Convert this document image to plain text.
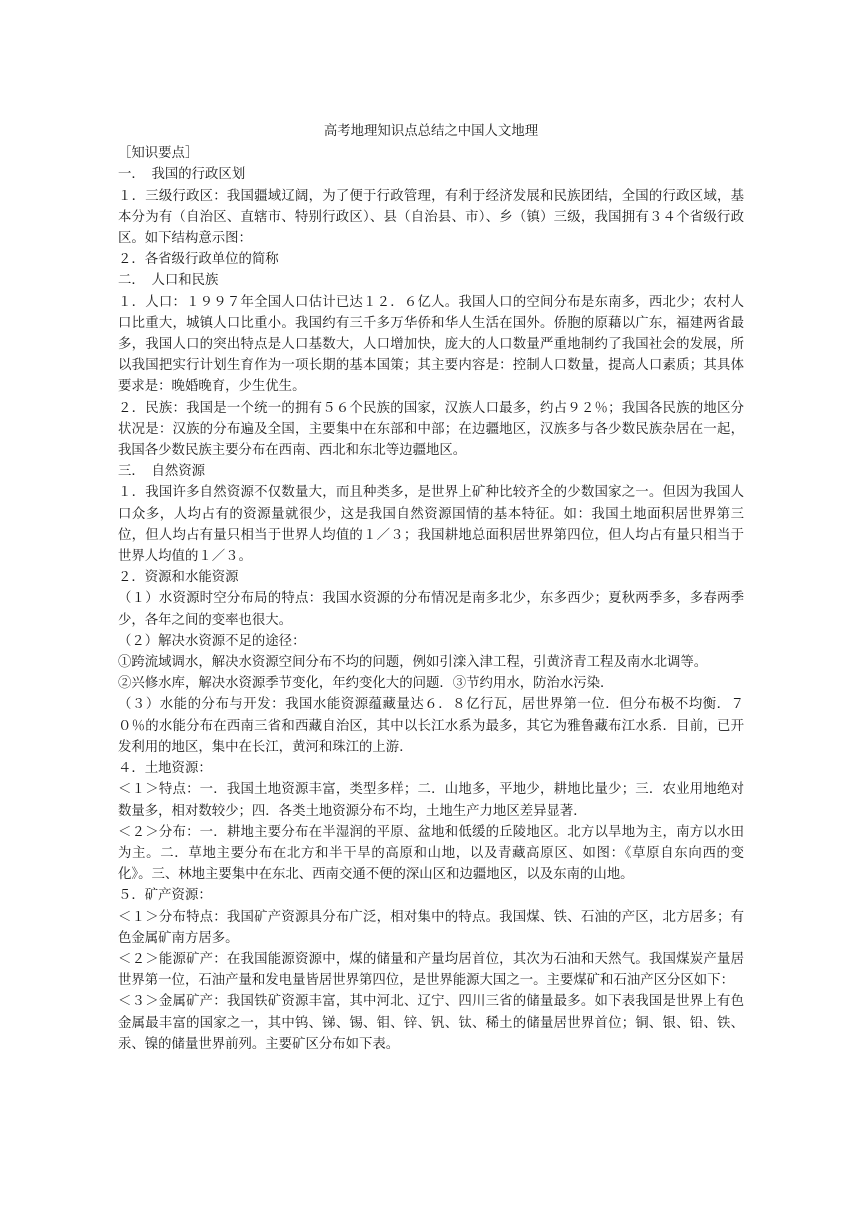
高考地理知识点总结之中国人文地理

［知识要点］

一．　我国的行政区划

１．三级行政区：我国疆域辽阔，为了便于行政管理，有利于经济发展和民族团结，全国的行政区域，基本分为有（自治区、直辖市、特别行政区）、县（自治县、市）、乡（镇）三级，我国拥有３４个省级行政区。如下结构意示图：

２．各省级行政单位的简称

二．　人口和民族

１．人口：１９９７年全国人口估计已达１２．６亿人。我国人口的空间分布是东南多，西北少；农村人口比重大，城镇人口比重小。我国约有三千多万华侨和华人生活在国外。侨胞的原藉以广东，福建两省最多，我国人口的突出特点是人口基数大，人口增加快，庞大的人口数量严重地制约了我国社会的发展，所以我国把实行计划生育作为一项长期的基本国策；其主要内容是：控制人口数量，提高人口素质；其具体要求是：晚婚晚育，少生优生。

２．民族：我国是一个统一的拥有５６个民族的国家，汉族人口最多，约占９２％；我国各民族的地区分状况是：汉族的分布遍及全国，主要集中在东部和中部；在边疆地区，汉族多与各少数民族杂居在一起，我国各少数民族主要分布在西南、西北和东北等边疆地区。

三．　自然资源

１．我国许多自然资源不仅数量大，而且种类多，是世界上矿种比较齐全的少数国家之一。但因为我国人口众多，人均占有的资源量就很少，这是我国自然资源国情的基本特征。如：我国土地面积居世界第三位，但人均占有量只相当于世界人均值的１／３；我国耕地总面积居世界第四位，但人均占有量只相当于世界人均值的１／３。

２．资源和水能资源

（１）水资源时空分布局的特点：我国水资源的分布情况是南多北少，东多西少；夏秋两季多，多春两季少，各年之间的变率也很大。

（２）解决水资源不足的途径：

①跨流域调水，解决水资源空间分布不均的问题，例如引滦入津工程，引黄济青工程及南水北调等。

②兴修水库，解决水资源季节变化，年约变化大的问题．③节约用水，防治水污染．

（３）水能的分布与开发：我国水能资源蕴藏量达６．８亿行瓦，居世界第一位．但分布极不均衡．７０％的水能分布在西南三省和西藏自治区，其中以长江水系为最多，其它为雅鲁藏布江水系．目前，已开发利用的地区，集中在长江，黄河和珠江的上游．

４．土地资源：

＜１＞特点：一．我国土地资源丰富，类型多样；二．山地多，平地少，耕地比量少；三．农业用地绝对数量多，相对数较少；四．各类土地资源分布不均，土地生产力地区差异显著．

＜２＞分布：一．耕地主要分布在半湿润的平原、盆地和低缓的丘陵地区。北方以旱地为主，南方以水田为主。二．草地主要分布在北方和半干旱的高原和山地，以及青藏高原区、如图：《草原自东向西的变化》。三、林地主要集中在东北、西南交通不便的深山区和边疆地区，以及东南的山地。

５．矿产资源：

＜１＞分布特点：我国矿产资源具分布广泛，相对集中的特点。我国煤、铁、石油的产区，北方居多；有色金属矿南方居多。

＜２＞能源矿产：在我国能源资源中，煤的储量和产量均居首位，其次为石油和天然气。我国煤炭产量居世界第一位，石油产量和发电量皆居世界第四位，是世界能源大国之一。主要煤矿和石油产区分区如下：

＜３＞金属矿产：我国铁矿资源丰富，其中河北、辽宁、四川三省的储量最多。如下表我国是世界上有色金属最丰富的国家之一，其中钨、锑、锡、钼、锌、钒、钛、稀土的储量居世界首位；铜、银、铅、铁、汞、镍的储量世界前列。主要矿区分布如下表。
